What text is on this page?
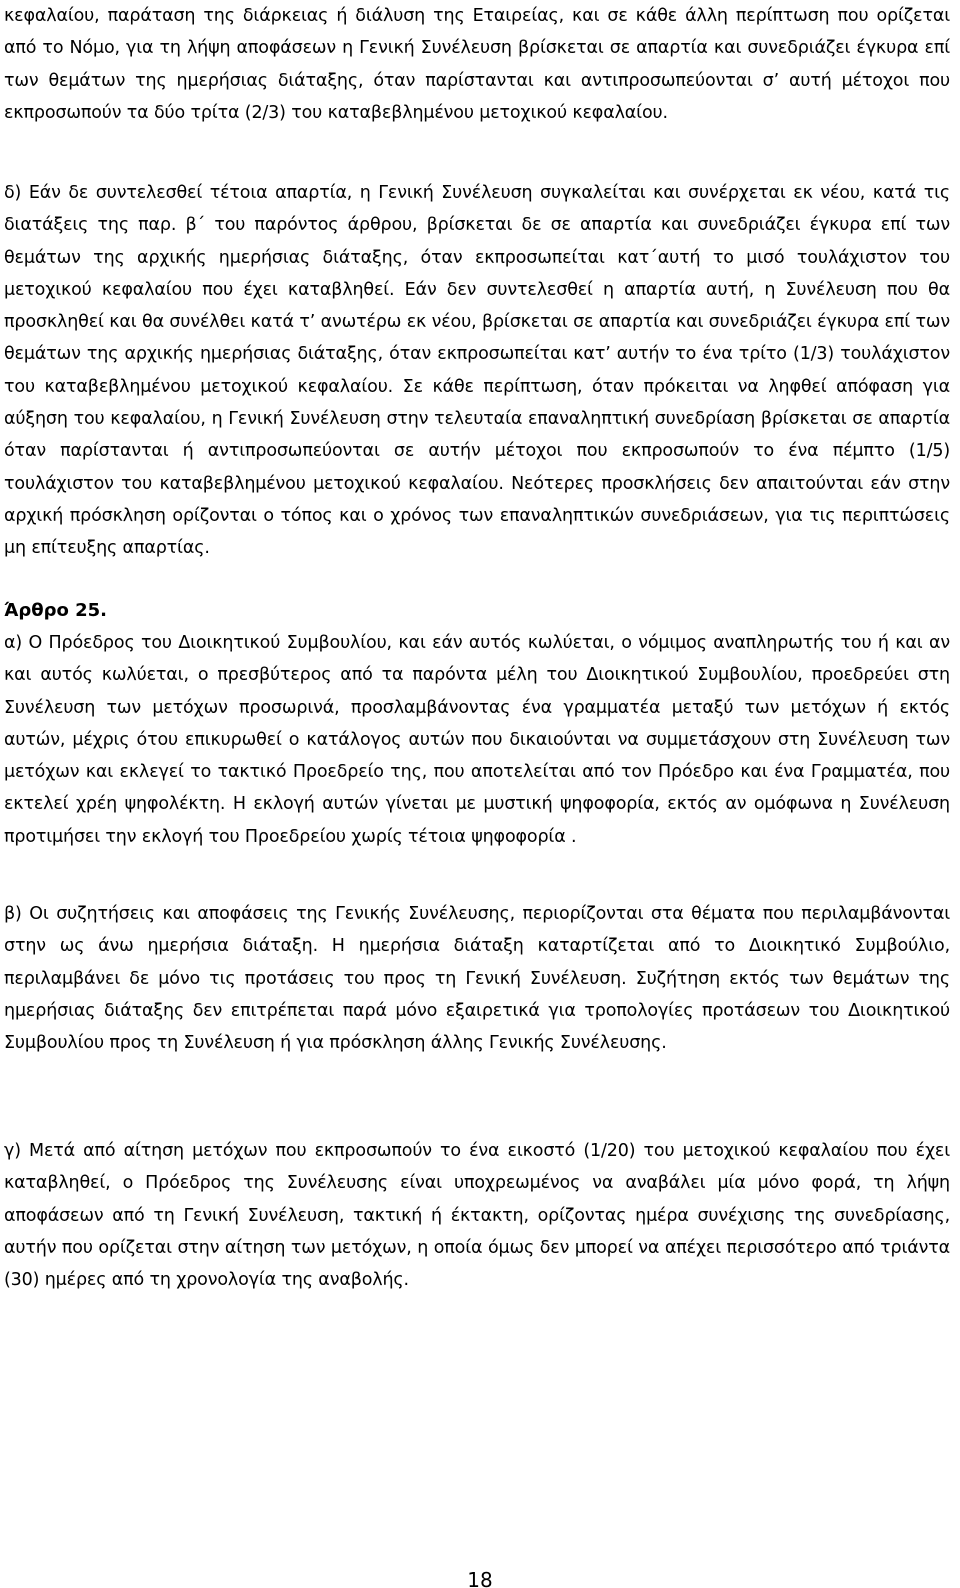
κεφαλαίου, παράταση της διάρκειας ή διάλυση της Εταιρείας, και σε κάθε άλλη περίπτωση που ορίζεται από το Νόμο, για τη λήψη αποφάσεων η Γενική Συνέλευση βρίσκεται σε απαρτία και συνεδριάζει έγκυρα επί των θεμάτων της ημερήσιας διάταξης, όταν παρίστανται και αντιπροσωπεύονται σ’ αυτή μέτοχοι που εκπροσωπούν τα δύο τρίτα (2/3) του καταβεβλημένου μετοχικού κεφαλαίου.

δ) Εάν δε συντελεσθεί τέτοια απαρτία, η Γενική Συνέλευση συγκαλείται και συνέρχεται εκ νέου, κατά τις διατάξεις της παρ. β΄ του παρόντος άρθρου, βρίσκεται δε σε απαρτία και συνεδριάζει έγκυρα επί των θεμάτων της αρχικής ημερήσιας διάταξης, όταν εκπροσωπείται κατ΄αυτή το μισό τουλάχιστον του μετοχικού κεφαλαίου που έχει καταβληθεί. Εάν δεν συντελεσθεί η απαρτία αυτή, η Συνέλευση που θα προσκληθεί και θα συνέλθει κατά τ’ ανωτέρω εκ νέου, βρίσκεται σε απαρτία και συνεδριάζει έγκυρα επί των θεμάτων της αρχικής ημερήσιας διάταξης, όταν εκπροσωπείται κατ’ αυτήν το ένα τρίτο (1/3) τουλάχιστον του καταβεβλημένου μετοχικού κεφαλαίου. Σε κάθε περίπτωση, όταν πρόκειται να ληφθεί απόφαση για αύξηση του κεφαλαίου, η Γενική Συνέλευση στην τελευταία επαναληπτική συνεδρίαση βρίσκεται σε απαρτία όταν παρίστανται ή αντιπροσωπεύονται σε αυτήν μέτοχοι που εκπροσωπούν το ένα πέμπτο (1/5) τουλάχιστον του καταβεβλημένου μετοχικού κεφαλαίου. Νεότερες προσκλήσεις δεν απαιτούνται εάν στην αρχική πρόσκληση ορίζονται ο τόπος και ο χρόνος των επαναληπτικών συνεδριάσεων, για τις περιπτώσεις μη επίτευξης απαρτίας.

Άρθρο 25.

α) Ο Πρόεδρος του Διοικητικού Συμβουλίου, και εάν αυτός κωλύεται, ο νόμιμος αναπληρωτής του ή και αν και αυτός κωλύεται, ο πρεσβύτερος από τα παρόντα μέλη του Διοικητικού Συμβουλίου, προεδρεύει στη Συνέλευση των μετόχων προσωρινά, προσλαμβάνοντας ένα γραμματέα μεταξύ των μετόχων ή εκτός αυτών, μέχρις ότου επικυρωθεί ο κατάλογος αυτών που δικαιούνται να συμμετάσχουν στη Συνέλευση των μετόχων και εκλεγεί το τακτικό Προεδρείο της, που αποτελείται από τον Πρόεδρο και ένα Γραμματέα, που εκτελεί χρέη ψηφολέκτη. Η εκλογή αυτών γίνεται με μυστική ψηφοφορία, εκτός αν ομόφωνα η Συνέλευση προτιμήσει την εκλογή του Προεδρείου χωρίς τέτοια ψηφοφορία .

β) Οι συζητήσεις και αποφάσεις της Γενικής Συνέλευσης, περιορίζονται στα θέματα που περιλαμβάνονται στην ως άνω ημερήσια διάταξη. Η ημερήσια διάταξη καταρτίζεται από το Διοικητικό Συμβούλιο, περιλαμβάνει δε μόνο τις προτάσεις του προς τη Γενική Συνέλευση. Συζήτηση εκτός των θεμάτων της ημερήσιας διάταξης δεν επιτρέπεται παρά μόνο εξαιρετικά για τροπολογίες προτάσεων του Διοικητικού Συμβουλίου προς τη Συνέλευση ή για πρόσκληση άλλης Γενικής Συνέλευσης.

γ) Μετά από αίτηση μετόχων που εκπροσωπούν το ένα εικοστό (1/20) του μετοχικού κεφαλαίου που έχει καταβληθεί, ο Πρόεδρος της Συνέλευσης είναι υποχρεωμένος να αναβάλει μία μόνο φορά, τη λήψη αποφάσεων από τη Γενική Συνέλευση, τακτική ή έκτακτη, ορίζοντας ημέρα συνέχισης της συνεδρίασης, αυτήν που ορίζεται στην αίτηση των μετόχων, η οποία όμως δεν μπορεί να απέχει περισσότερο από τριάντα (30) ημέρες από τη χρονολογία της αναβολής.

18
